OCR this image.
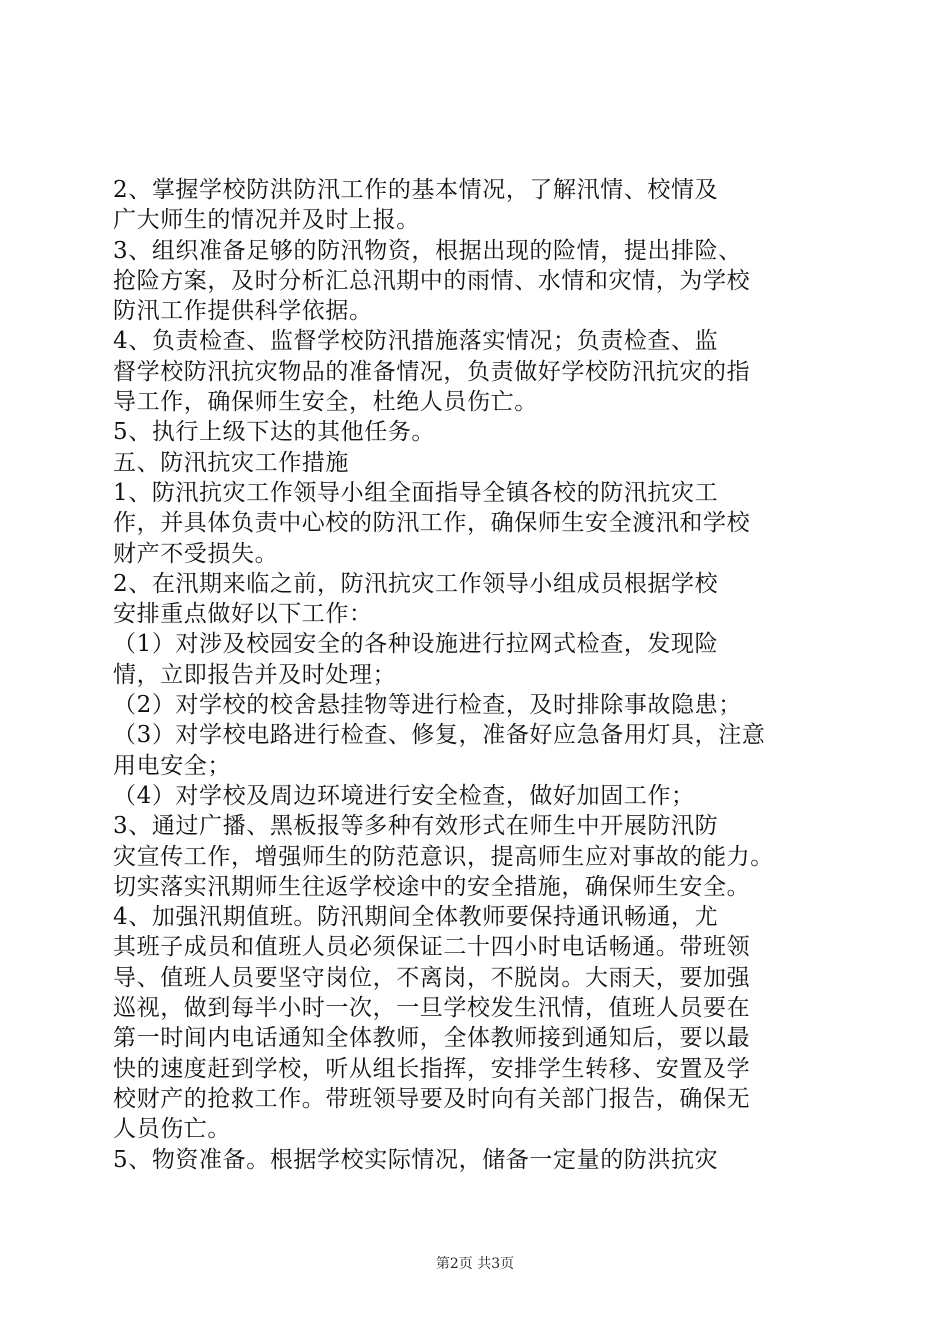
2、掌握学校防洪防汛工作的基本情况，了解汛情、校情及
广大师生的情况并及时上报。
3、组织准备足够的防汛物资，根据出现的险情，提出排险、
抢险方案，及时分析汇总汛期中的雨情、水情和灾情，为学校
防汛工作提供科学依据。
4、负责检查、监督学校防汛措施落实情况；负责检查、监
督学校防汛抗灾物品的准备情况，负责做好学校防汛抗灾的指
导工作，确保师生安全，杜绝人员伤亡。
5、执行上级下达的其他任务。
五、防汛抗灾工作措施
1、防汛抗灾工作领导小组全面指导全镇各校的防汛抗灾工
作，并具体负责中心校的防汛工作，确保师生安全渡汛和学校
财产不受损失。
2、在汛期来临之前，防汛抗灾工作领导小组成员根据学校
安排重点做好以下工作：
（1）对涉及校园安全的各种设施进行拉网式检查，发现险
情，立即报告并及时处理；
（2）对学校的校舍悬挂物等进行检查，及时排除事故隐患；
（3）对学校电路进行检查、修复，准备好应急备用灯具，注意
用电安全；
（4）对学校及周边环境进行安全检查，做好加固工作；
3、通过广播、黑板报等多种有效形式在师生中开展防汛防
灾宣传工作，增强师生的防范意识，提高师生应对事故的能力。
切实落实汛期师生往返学校途中的安全措施，确保师生安全。
4、加强汛期值班。防汛期间全体教师要保持通讯畅通，尤
其班子成员和值班人员必须保证二十四小时电话畅通。带班领
导、值班人员要坚守岗位，不离岗，不脱岗。大雨天，要加强
巡视，做到每半小时一次，一旦学校发生汛情，值班人员要在
第一时间内电话通知全体教师，全体教师接到通知后，要以最
快的速度赶到学校，听从组长指挥，安排学生转移、安置及学
校财产的抢救工作。带班领导要及时向有关部门报告，确保无
人员伤亡。
5、物资准备。根据学校实际情况，储备一定量的防洪抗灾
第2页 共3页
